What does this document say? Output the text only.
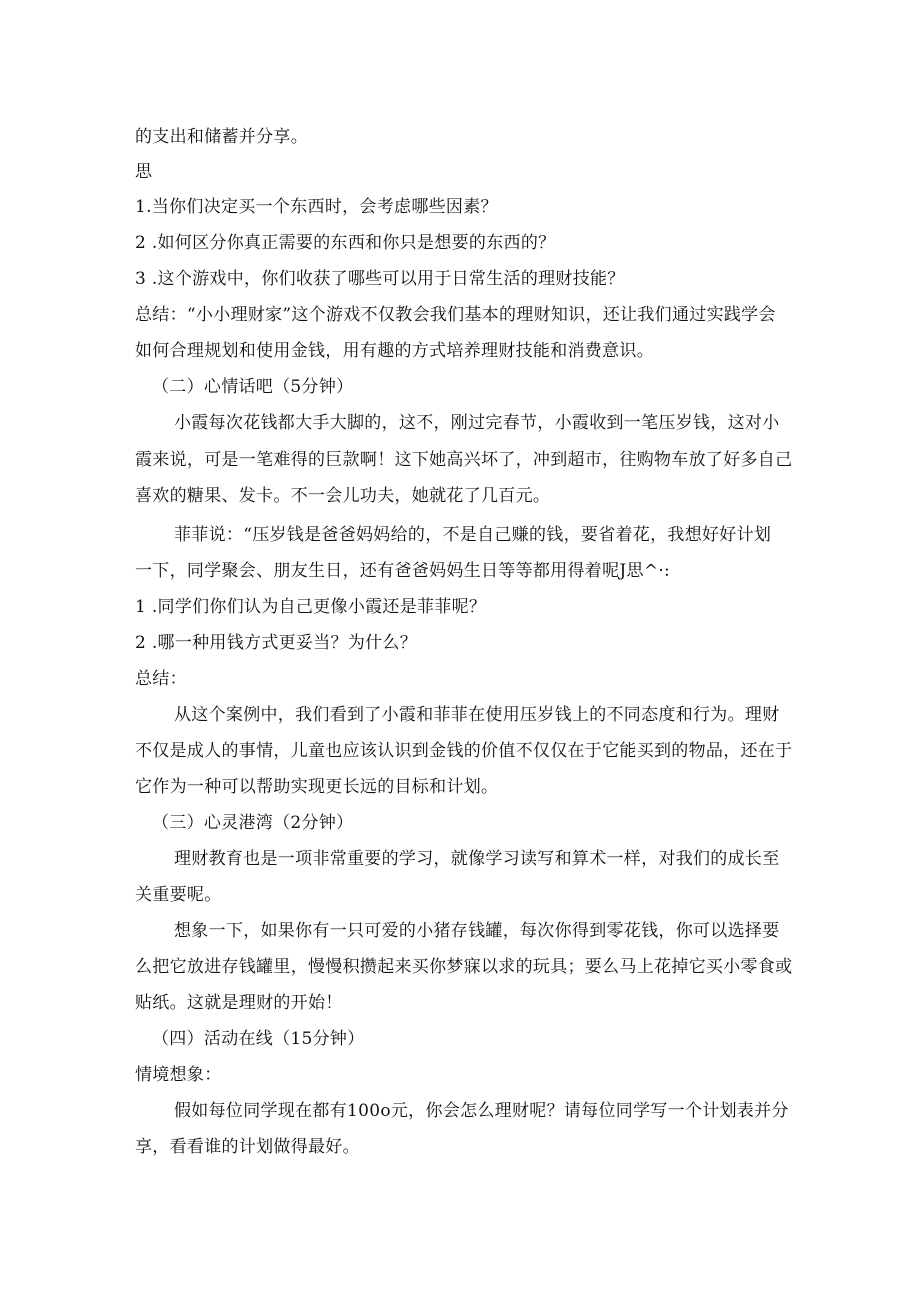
的支出和储蓄并分享。
思
1.当你们决定买一个东西时，会考虑哪些因素？
2 .如何区分你真正需要的东西和你只是想要的东西的？
3 .这个游戏中，你们收获了哪些可以用于日常生活的理财技能？
总结：“小小理财家”这个游戏不仅教会我们基本的理财知识，还让我们通过实践学会
如何合理规划和使用金钱，用有趣的方式培养理财技能和消费意识。
（二）心情话吧（5分钟）
小霞每次花钱都大手大脚的，这不，刚过完春节，小霞收到一笔压岁钱，这对小
霞来说，可是一笔难得的巨款啊！这下她高兴坏了，冲到超市，往购物车放了好多自己
喜欢的糖果、发卡。不一会儿功夫，她就花了几百元。
菲菲说：“压岁钱是爸爸妈妈给的，不是自己赚的钱，要省着花，我想好好计划
一下，同学聚会、朋友生日，还有爸爸妈妈生日等等都用得着呢J思^·:
1 .同学们你们认为自己更像小霞还是菲菲呢？
2 .哪一种用钱方式更妥当？为什么？
总结：
从这个案例中，我们看到了小霞和菲菲在使用压岁钱上的不同态度和行为。理财
不仅是成人的事情，儿童也应该认识到金钱的价值不仅仅在于它能买到的物品，还在于
它作为一种可以帮助实现更长远的目标和计划。
（三）心灵港湾（2分钟）
理财教育也是一项非常重要的学习，就像学习读写和算术一样，对我们的成长至
关重要呢。
想象一下，如果你有一只可爱的小猪存钱罐，每次你得到零花钱，你可以选择要
么把它放进存钱罐里，慢慢积攒起来买你梦寐以求的玩具；要么马上花掉它买小零食或
贴纸。这就是理财的开始！
（四）活动在线（15分钟）
情境想象：
假如每位同学现在都有100o元，你会怎么理财呢？请每位同学写一个计划表并分
享，看看谁的计划做得最好。
